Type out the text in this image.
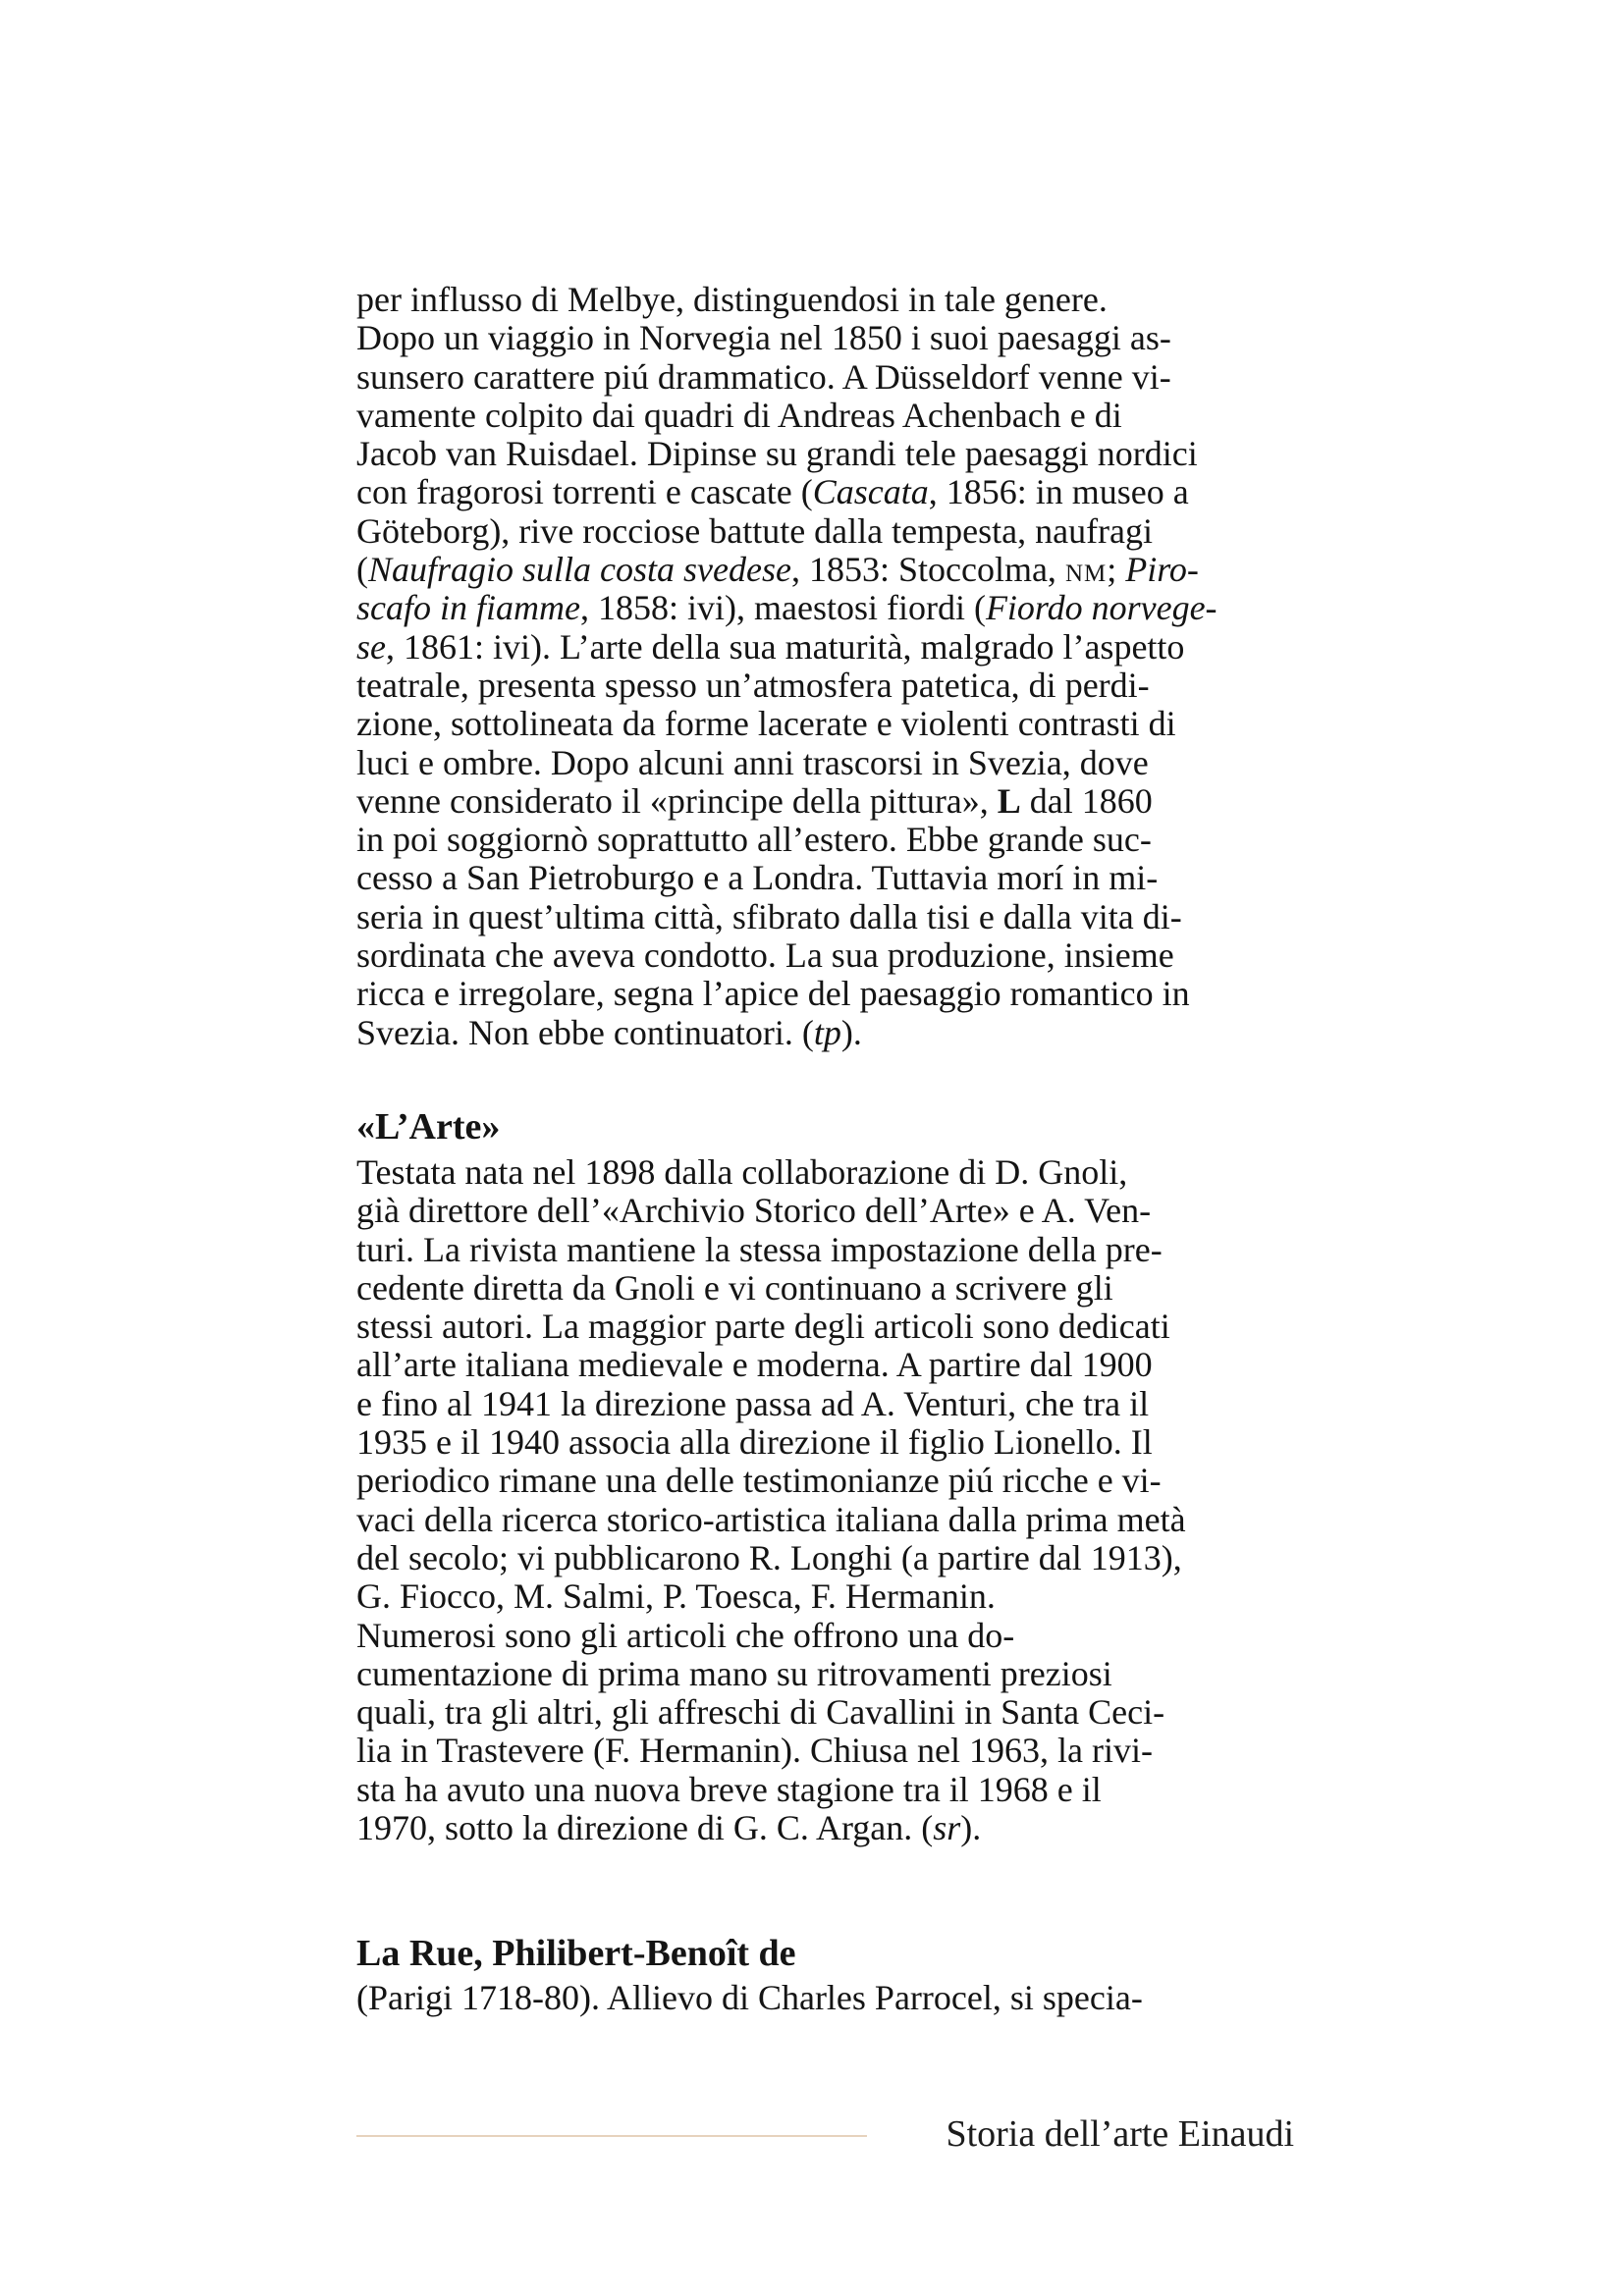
per influsso di Melbye, distinguendosi in tale genere.
Dopo un viaggio in Norvegia nel 1850 i suoi paesaggi as-
sunsero carattere piú drammatico. A Düsseldorf venne vi-
vamente colpito dai quadri di Andreas Achenbach e di
Jacob van Ruisdael. Dipinse su grandi tele paesaggi nordici
con fragorosi torrenti e cascate (Cascata, 1856: in museo a
Göteborg), rive rocciose battute dalla tempesta, naufragi
(Naufragio sulla costa svedese, 1853: Stoccolma, nm; Piro-
scafo in fiamme, 1858: ivi), maestosi fiordi (Fiordo norvege-
se, 1861: ivi). L’arte della sua maturità, malgrado l’aspetto
teatrale, presenta spesso un’atmosfera patetica, di perdi-
zione, sottolineata da forme lacerate e violenti contrasti di
luci e ombre. Dopo alcuni anni trascorsi in Svezia, dove
venne considerato il «principe della pittura», L dal 1860
in poi soggiornò soprattutto all’estero. Ebbe grande suc-
cesso a San Pietroburgo e a Londra. Tuttavia morí in mi-
seria in quest’ultima città, sfibrato dalla tisi e dalla vita di-
sordinata che aveva condotto. La sua produzione, insieme
ricca e irregolare, segna l’apice del paesaggio romantico in
Svezia. Non ebbe continuatori. (tp).

«L’Arte»

Testata nata nel 1898 dalla collaborazione di D. Gnoli,
già direttore dell’«Archivio Storico dell’Arte» e A. Ven-
turi. La rivista mantiene la stessa impostazione della pre-
cedente diretta da Gnoli e vi continuano a scrivere gli
stessi autori. La maggior parte degli articoli sono dedicati
all’arte italiana medievale e moderna. A partire dal 1900
e fino al 1941 la direzione passa ad A. Venturi, che tra il
1935 e il 1940 associa alla direzione il figlio Lionello. Il
periodico rimane una delle testimonianze piú ricche e vi-
vaci della ricerca storico-artistica italiana dalla prima metà
del secolo; vi pubblicarono R. Longhi (a partire dal 1913),
G. Fiocco, M. Salmi, P. Toesca, F. Hermanin.
Numerosi sono gli articoli che offrono una do-
cumentazione di prima mano su ritrovamenti preziosi
quali, tra gli altri, gli affreschi di Cavallini in Santa Ceci-
lia in Trastevere (F. Hermanin). Chiusa nel 1963, la rivi-
sta ha avuto una nuova breve stagione tra il 1968 e il
1970, sotto la direzione di G. C. Argan. (sr).

La Rue, Philibert-Benoît de

(Parigi 1718-80). Allievo di Charles Parrocel, si specia-

Storia dell’arte Einaudi
